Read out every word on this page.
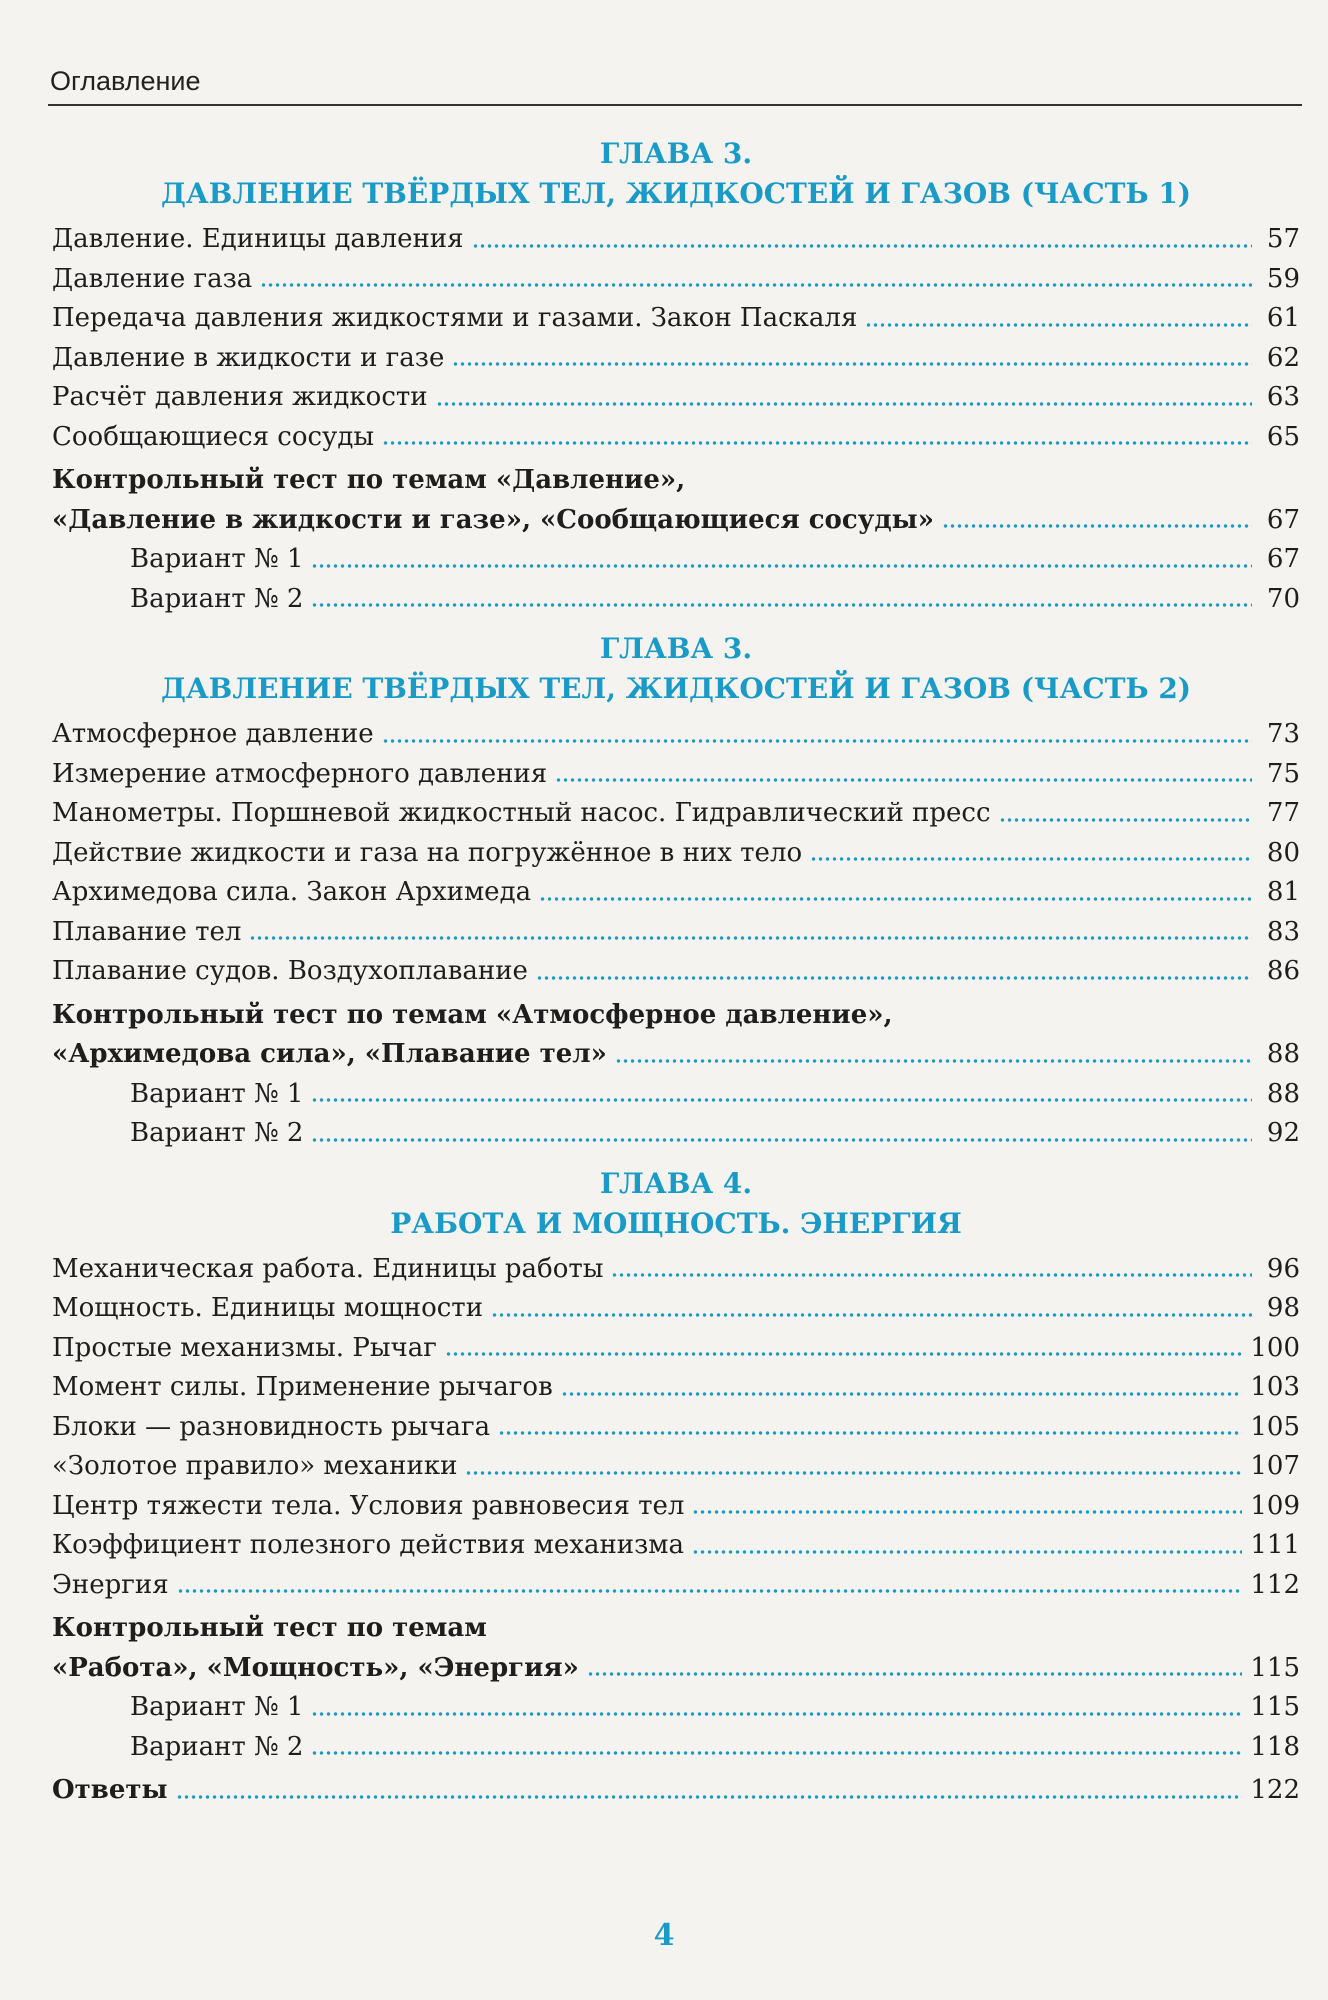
Оглавление
ГЛАВА 3.
ДАВЛЕНИЕ ТВЁРДЫХ ТЕЛ, ЖИДКОСТЕЙ И ГАЗОВ (ЧАСТЬ 1)
Давление. Единицы давления	57
Давление газа	59
Передача давления жидкостями и газами. Закон Паскаля	61
Давление в жидкости и газе	62
Расчёт давления жидкости	63
Сообщающиеся сосуды	65
Контрольный тест по темам «Давление»,
«Давление в жидкости и газе», «Сообщающиеся сосуды»	67
Вариант № 1	67
Вариант № 2	70
ГЛАВА 3.
ДАВЛЕНИЕ ТВЁРДЫХ ТЕЛ, ЖИДКОСТЕЙ И ГАЗОВ (ЧАСТЬ 2)
Атмосферное давление	73
Измерение атмосферного давления	75
Манометры. Поршневой жидкостный насос. Гидравлический пресс	77
Действие жидкости и газа на погружённое в них тело	80
Архимедова сила. Закон Архимеда	81
Плавание тел	83
Плавание судов. Воздухоплавание	86
Контрольный тест по темам «Атмосферное давление»,
«Архимедова сила», «Плавание тел»	88
Вариант № 1	88
Вариант № 2	92
ГЛАВА 4.
РАБОТА И МОЩНОСТЬ. ЭНЕРГИЯ
Механическая работа. Единицы работы	96
Мощность. Единицы мощности	98
Простые механизмы. Рычаг	100
Момент силы. Применение рычагов	103
Блоки — разновидность рычага	105
«Золотое правило» механики	107
Центр тяжести тела. Условия равновесия тел	109
Коэффициент полезного действия механизма	111
Энергия	112
Контрольный тест по темам
«Работа», «Мощность», «Энергия»	115
Вариант № 1	115
Вариант № 2	118
Ответы	122
4
